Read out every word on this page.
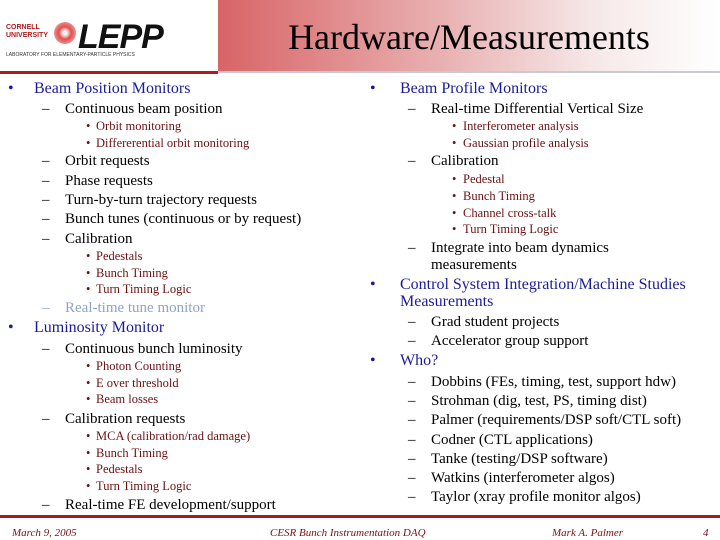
CORNELL UNIVERSITY LEPP
LABORATORY FOR ELEMENTARY-PARTICLE PHYSICS	Hardware/Measurements
• Beam Position Monitors
– Continuous beam position
• Orbit monitoring
• Differerential orbit monitoring
– Orbit requests
– Phase requests
– Turn-by-turn trajectory requests
– Bunch tunes (continuous or by request)
– Calibration
• Pedestals
• Bunch Timing
• Turn Timing Logic
– Real-time tune monitor
• Luminosity Monitor
– Continuous bunch luminosity
• Photon Counting
• E over threshold
• Beam losses
– Calibration requests
• MCA (calibration/rad damage)
• Bunch Timing
• Pedestals
• Turn Timing Logic
– Real-time FE development/support
• Beam Profile Monitors
– Real-time Differential Vertical Size
• Interferometer analysis
• Gaussian profile analysis
– Calibration
• Pedestal
• Bunch Timing
• Channel cross-talk
• Turn Timing Logic
– Integrate into beam dynamics measurements
• Control System Integration/Machine Studies Measurements
– Grad student projects
– Accelerator group support
• Who?
– Dobbins (FEs, timing, test, support hdw)
– Strohman (dig, test, PS, timing dist)
– Palmer (requirements/DSP soft/CTL soft)
– Codner (CTL applications)
– Tanke (testing/DSP software)
– Watkins (interferometer algos)
– Taylor (xray profile monitor algos)
March 9, 2005	CESR Bunch Instrumentation DAQ	Mark A. Palmer	4
